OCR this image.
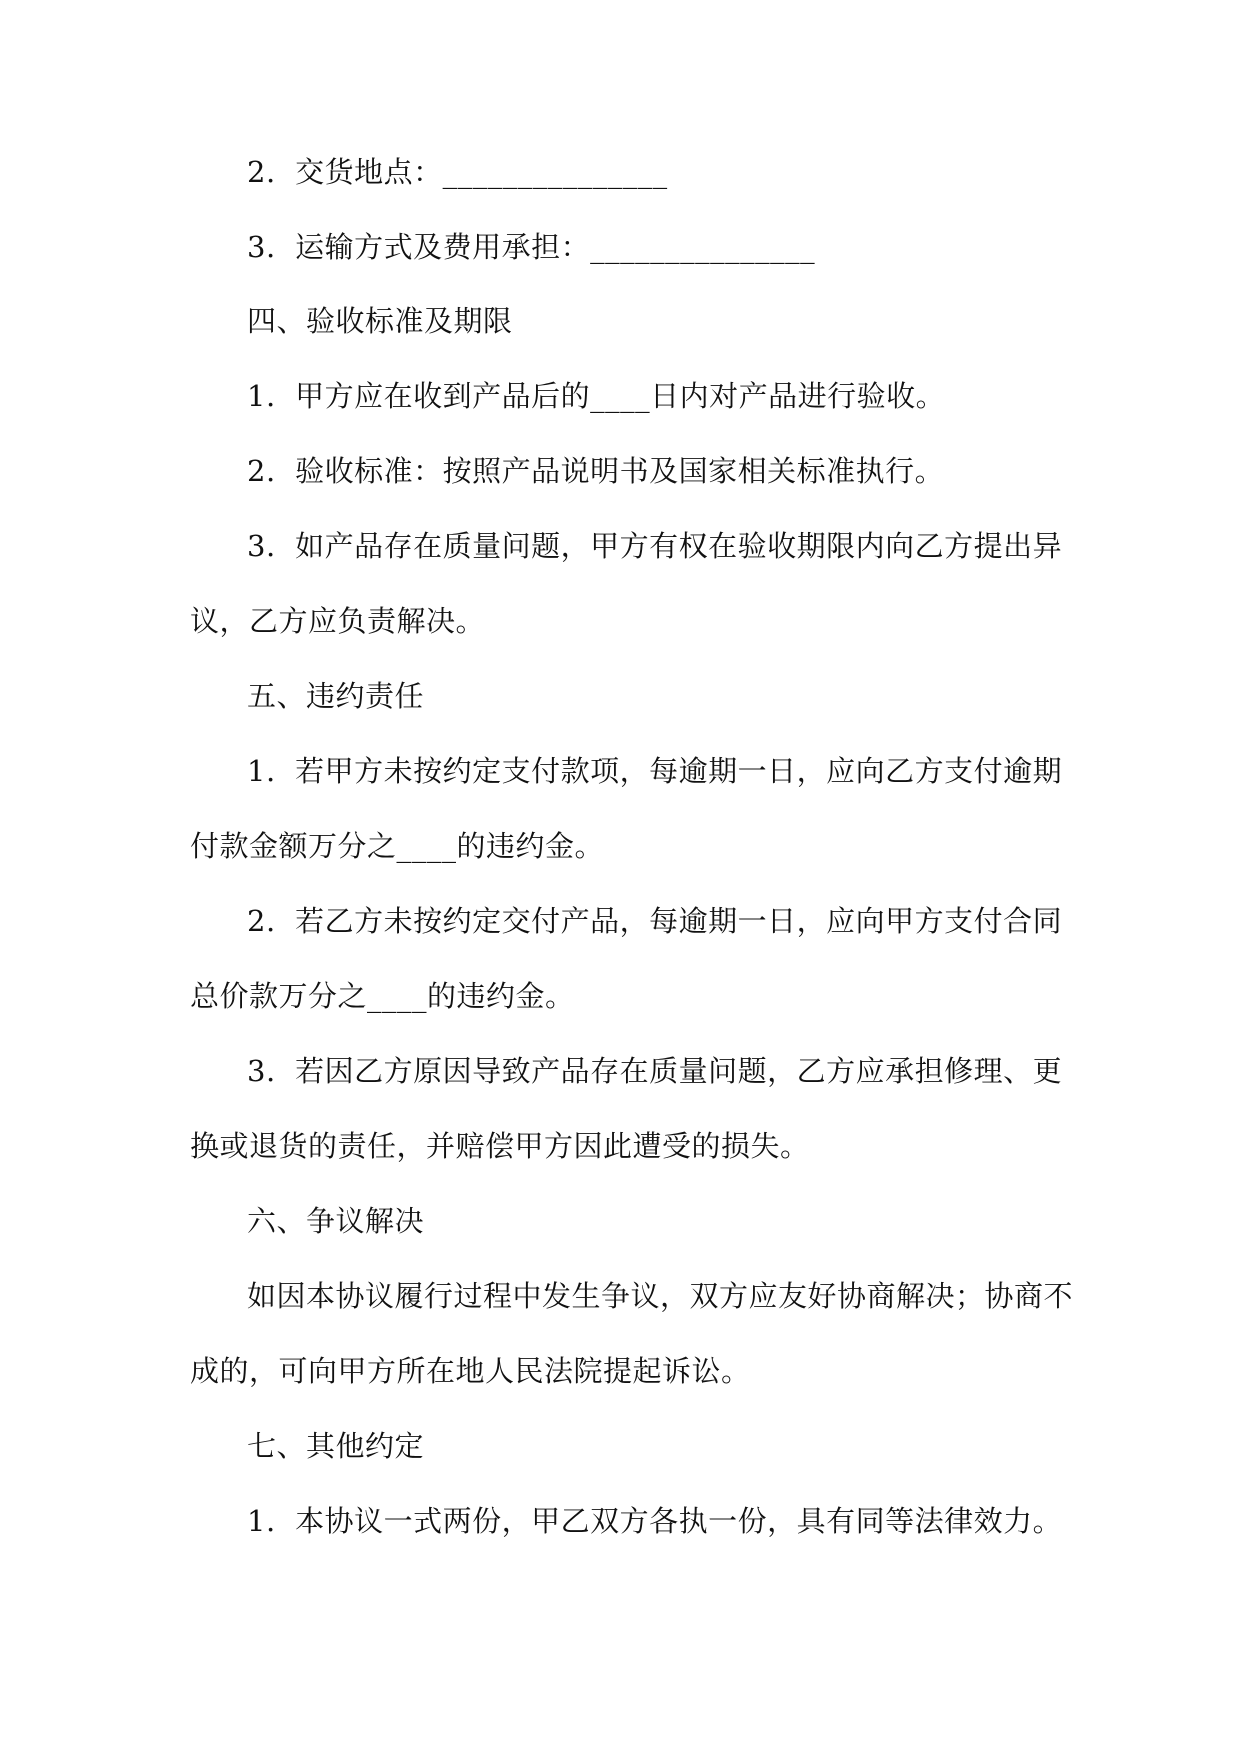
2.  交货地点：_______________
3.  运输方式及费用承担：_______________
四、验收标准及期限
1.  甲方应在收到产品后的____日内对产品进行验收。
2.  验收标准：按照产品说明书及国家相关标准执行。
3.  如产品存在质量问题，甲方有权在验收期限内向乙方提出异
议，乙方应负责解决。
五、违约责任
1.  若甲方未按约定支付款项，每逾期一日，应向乙方支付逾期
付款金额万分之____的违约金。
2.  若乙方未按约定交付产品，每逾期一日，应向甲方支付合同
总价款万分之____的违约金。
3.  若因乙方原因导致产品存在质量问题，乙方应承担修理、更
换或退货的责任，并赔偿甲方因此遭受的损失。
六、争议解决
如因本协议履行过程中发生争议，双方应友好协商解决；协商不
成的，可向甲方所在地人民法院提起诉讼。
七、其他约定
1.  本协议一式两份，甲乙双方各执一份，具有同等法律效力。
